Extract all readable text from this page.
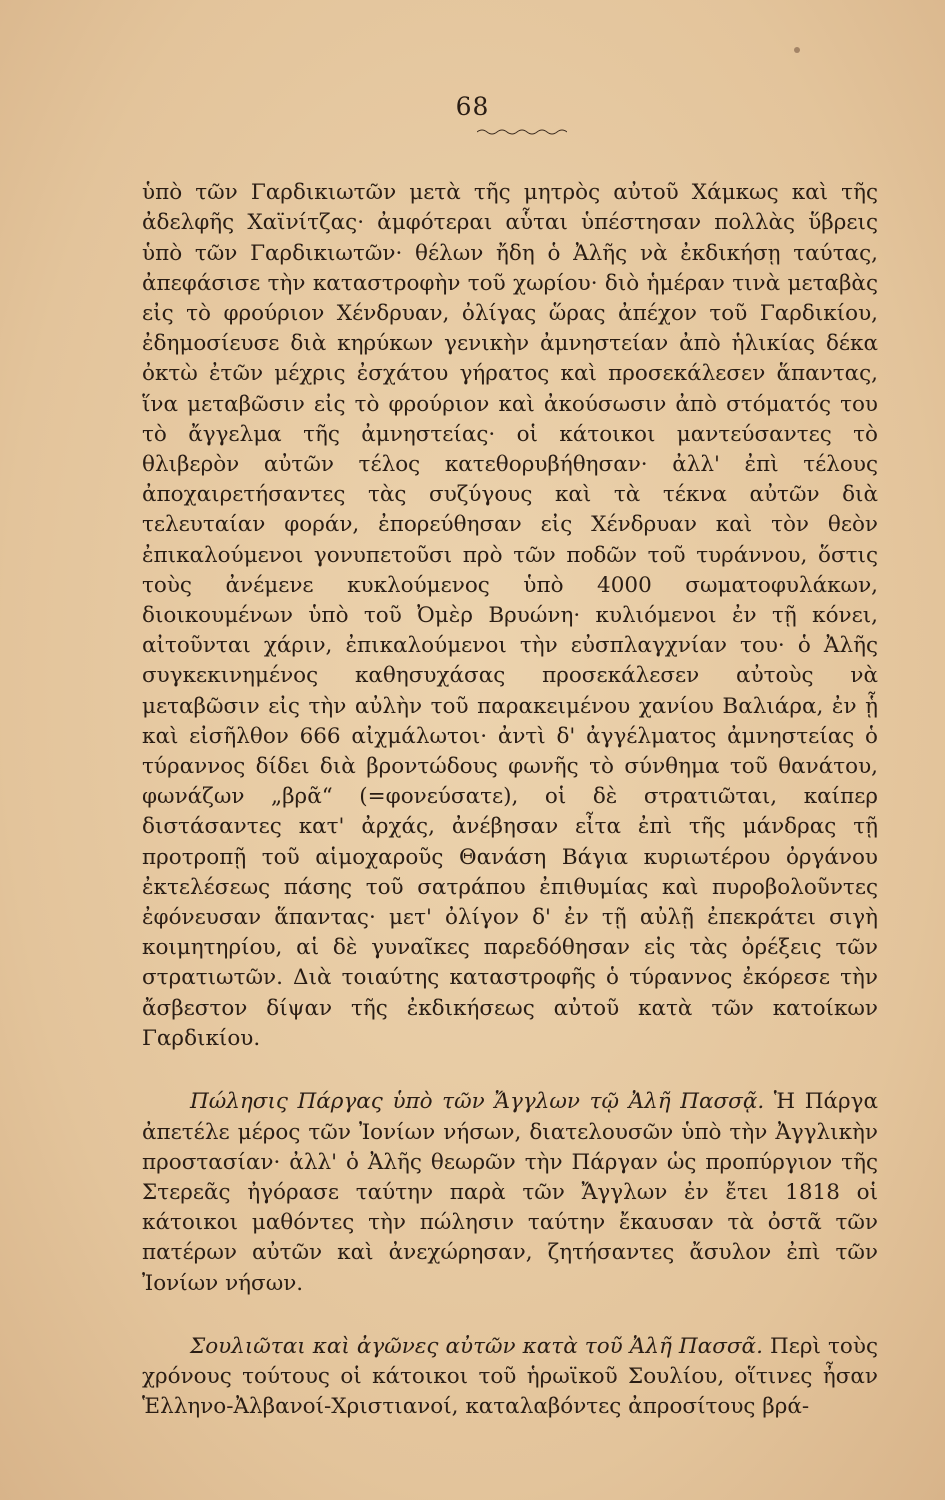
68

ὑπὸ τῶν Γαρδικιωτῶν μετὰ τῆς μητρὸς αὐτοῦ Χάμκως καὶ τῆς ἀδελφῆς Χαϊνίτζας· ἀμφότεραι αὗται ὑπέστησαν πολλὰς ὕβρεις ὑπὸ τῶν Γαρδικιωτῶν· θέλων ἤδη ὁ Ἀλῆς νὰ ἐκδικήσῃ ταύτας, ἀπεφάσισε τὴν καταστροφὴν τοῦ χωρίου· διὸ ἡμέραν τινὰ μεταβὰς εἰς τὸ φρούριον Χένδρυαν, ὀλίγας ὥρας ἀπέχον τοῦ Γαρδικίου, ἐδημοσίευσε διὰ κηρύκων γενικὴν ἀμνηστείαν ἀπὸ ἡλικίας δέκα ὀκτὼ ἐτῶν μέχρις ἐσχάτου γήρατος καὶ προσεκάλεσεν ἅπαντας, ἵνα μεταβῶσιν εἰς τὸ φρούριον καὶ ἀκούσωσιν ἀπὸ στόματός του τὸ ἄγγελμα τῆς ἀμνηστείας· οἱ κάτοικοι μαντεύσαντες τὸ θλιβερὸν αὐτῶν τέλος κατεθορυβήθησαν· ἀλλ' ἐπὶ τέλους ἀποχαιρετήσαντες τὰς συζύγους καὶ τὰ τέκνα αὐτῶν διὰ τελευταίαν φοράν, ἐπορεύθησαν εἰς Χένδρυαν καὶ τὸν θεὸν ἐπικαλούμενοι γονυπετοῦσι πρὸ τῶν ποδῶν τοῦ τυράννου, ὅστις τοὺς ἀνέμενε κυκλούμενος ὑπὸ 4000 σωματοφυλάκων, διοικουμένων ὑπὸ τοῦ Ὀμὲρ Βρυώνη· κυλιόμενοι ἐν τῇ κόνει, αἰτοῦνται χάριν, ἐπικαλούμενοι τὴν εὐσπλαγχνίαν του· ὁ Ἀλῆς συγκεκινημένος καθησυχάσας προσεκάλεσεν αὐτοὺς νὰ μεταβῶσιν εἰς τὴν αὐλὴν τοῦ παρακειμένου χανίου Βαλιάρα, ἐν ᾗ καὶ εἰσῆλθον 666 αἰχμάλωτοι· ἀντὶ δ' ἀγγέλματος ἀμνηστείας ὁ τύραννος δίδει διὰ βροντώδους φωνῆς τὸ σύνθημα τοῦ θανάτου, φωνάζων „βρᾶ“ (=φονεύσατε), οἱ δὲ στρατιῶται, καίπερ διστάσαντες κατ' ἀρχάς, ἀνέβησαν εἶτα ἐπὶ τῆς μάνδρας τῇ προτροπῇ τοῦ αἱμοχαροῦς Θανάση Βάγια κυριωτέρου ὀργάνου ἐκτελέσεως πάσης τοῦ σατράπου ἐπιθυμίας καὶ πυροβολοῦντες ἐφόνευσαν ἅπαντας· μετ' ὀλίγον δ' ἐν τῇ αὐλῇ ἐπεκράτει σιγὴ κοιμητηρίου, αἱ δὲ γυναῖκες παρεδόθησαν εἰς τὰς ὀρέξεις τῶν στρατιωτῶν. Διὰ τοιαύτης καταστροφῆς ὁ τύραννος ἐκόρεσε τὴν ἄσβεστον δίψαν τῆς ἐκδικήσεως αὐτοῦ κατὰ τῶν κατοίκων Γαρδικίου.

Πώλησις Πάργας ὑπὸ τῶν Ἄγγλων τῷ Ἀλῆ Πασσᾷ. Ἡ Πάργα ἀπετέλε μέρος τῶν Ἰονίων νήσων, διατελουσῶν ὑπὸ τὴν Ἀγγλικὴν προστασίαν· ἀλλ' ὁ Ἀλῆς θεωρῶν τὴν Πάργαν ὡς προπύργιον τῆς Στερεᾶς ἠγόρασε ταύτην παρὰ τῶν Ἄγγλων ἐν ἔτει 1818 οἱ κάτοικοι μαθόντες τὴν πώλησιν ταύτην ἔκαυσαν τὰ ὀστᾶ τῶν πατέρων αὐτῶν καὶ ἀνεχώρησαν, ζητήσαντες ἄσυλον ἐπὶ τῶν Ἰονίων νήσων.

Σουλιῶται καὶ ἀγῶνες αὐτῶν κατὰ τοῦ Ἀλῆ Πασσᾶ. Περὶ τοὺς χρόνους τούτους οἱ κάτοικοι τοῦ ἡρωϊκοῦ Σουλίου, οἵτινες ἦσαν Ἑλληνο-Ἀλβανοί-Χριστιανοί, καταλαβόντες ἀπροσίτους βρά-
